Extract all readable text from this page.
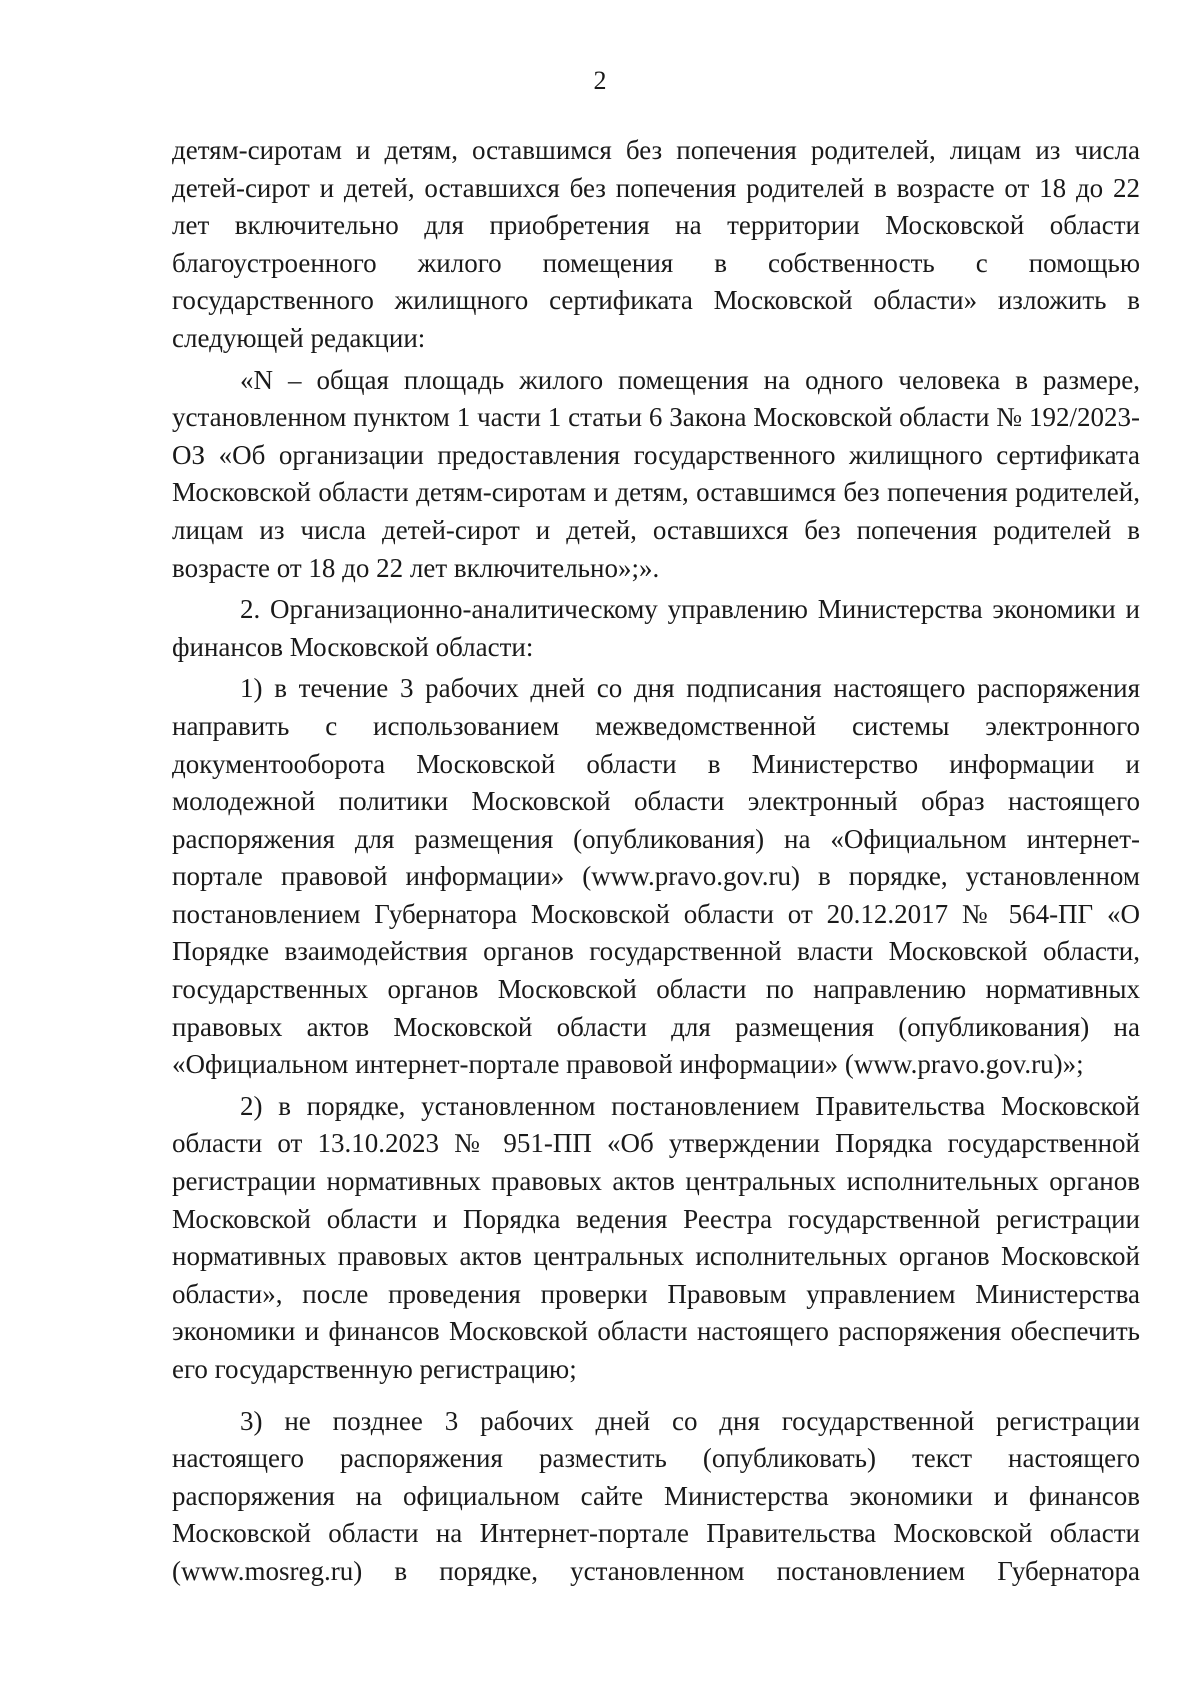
2

детям-сиротам и детям, оставшимся без попечения родителей, лицам из числа детей-сирот и детей, оставшихся без попечения родителей в возрасте от 18 до 22 лет включительно для приобретения на территории Московской области благоустроенного жилого помещения в собственность с помощью государственного жилищного сертификата Московской области» изложить в следующей редакции:

«N – общая площадь жилого помещения на одного человека в размере, установленном пунктом 1 части 1 статьи 6 Закона Московской области № 192/2023-ОЗ «Об организации предоставления государственного жилищного сертификата Московской области детям-сиротам и детям, оставшимся без попечения родителей, лицам из числа детей-сирот и детей, оставшихся без попечения родителей в возрасте от 18 до 22 лет включительно»;».

2. Организационно-аналитическому управлению Министерства экономики и финансов Московской области:

1) в течение 3 рабочих дней со дня подписания настоящего распоряжения направить с использованием межведомственной системы электронного документооборота Московской области в Министерство информации и молодежной политики Московской области электронный образ настоящего распоряжения для размещения (опубликования) на «Официальном интернет-портале правовой информации» (www.pravo.gov.ru) в порядке, установленном постановлением Губернатора Московской области от 20.12.2017 № 564-ПГ «О Порядке взаимодействия органов государственной власти Московской области, государственных органов Московской области по направлению нормативных правовых актов Московской области для размещения (опубликования) на «Официальном интернет-портале правовой информации» (www.pravo.gov.ru)»;

2) в порядке, установленном постановлением Правительства Московской области от 13.10.2023 № 951-ПП «Об утверждении Порядка государственной регистрации нормативных правовых актов центральных исполнительных органов Московской области и Порядка ведения Реестра государственной регистрации нормативных правовых актов центральных исполнительных органов Московской области», после проведения проверки Правовым управлением Министерства экономики и финансов Московской области настоящего распоряжения обеспечить его государственную регистрацию;

3) не позднее 3 рабочих дней со дня государственной регистрации настоящего распоряжения разместить (опубликовать) текст настоящего распоряжения на официальном сайте Министерства экономики и финансов Московской области на Интернет-портале Правительства Московской области (www.mosreg.ru) в порядке, установленном постановлением Губернатора
